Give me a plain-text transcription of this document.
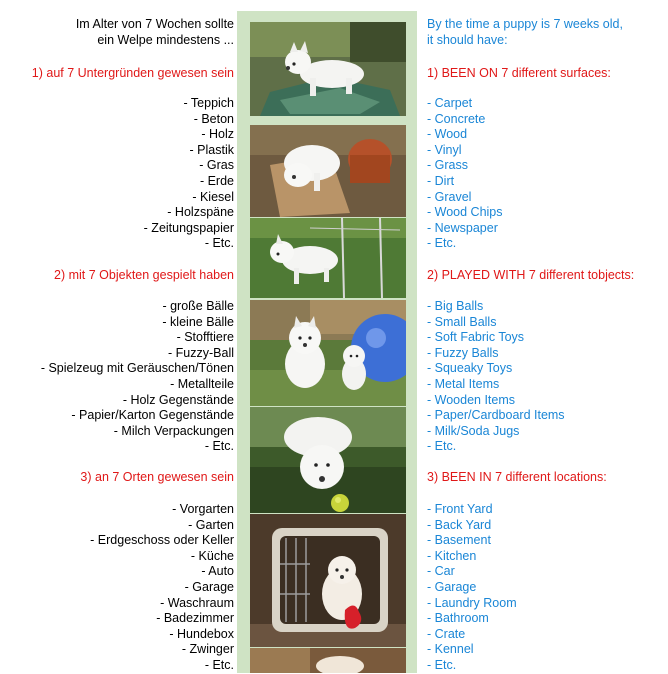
Im Alter von 7 Wochen sollte
ein Welpe mindestens ...
1) auf 7 Untergründen gewesen sein
- Teppich
- Beton
- Holz
- Plastik
- Gras
- Erde
- Kiesel
- Holzspäne
- Zeitungspapier
- Etc.
2) mit 7 Objekten gespielt haben
- große Bälle
- kleine Bälle
- Stofftiere
- Fuzzy-Ball
- Spielzeug mit Geräuschen/Tönen
- Metallteile
- Holz Gegenstände
- Papier/Karton Gegenstände
- Milch Verpackungen
- Etc.
3) an 7 Orten gewesen sein
- Vorgarten
- Garten
- Erdgeschoss oder Keller
- Küche
- Auto
- Garage
- Waschraum
- Badezimmer
- Hundebox
- Zwinger
- Etc.
By the time a puppy is 7 weeks old,
it should have:
1) BEEN ON 7 different surfaces:
- Carpet
- Concrete
- Wood
- Vinyl
- Grass
- Dirt
- Gravel
- Wood Chips
- Newspaper
- Etc.
2) PLAYED WITH 7 different tobjects:
- Big Balls
- Small Balls
- Soft Fabric Toys
- Fuzzy Balls
- Squeaky Toys
- Metal Items
- Wooden Items
- Paper/Cardboard Items
- Milk/Soda Jugs
- Etc.
3) BEEN IN 7 different locations:
- Front Yard
- Back Yard
- Basement
- Kitchen
- Car
- Garage
- Laundry Room
- Bathroom
- Crate
- Kennel
- Etc.
